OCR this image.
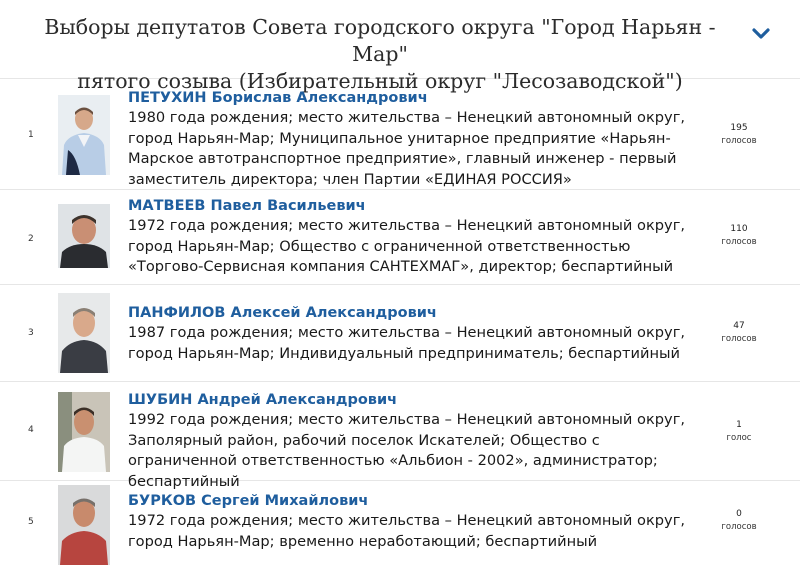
Выборы депутатов Совета городского округа "Город Нарьян - Мар"
пятого созыва (Избирательный округ "Лесозаводской")
1
ПЕТУХИН Борислав Александрович
1980 года рождения; место жительства – Ненецкий автономный округ, город Нарьян-Мар; Муниципальное унитарное предприятие «Нарьян-Марское автотранспортное предприятие», главный инженер - первый заместитель директора; член Партии «ЕДИНАЯ РОССИЯ»
195
голосов
2
МАТВЕЕВ Павел Васильевич
1972 года рождения; место жительства – Ненецкий автономный округ, город Нарьян-Мар; Общество с ограниченной ответственностью «Торгово-Сервисная компания САНТЕХМАГ», директор; беспартийный
110
голосов
3
ПАНФИЛОВ Алексей Александрович
1987 года рождения; место жительства – Ненецкий автономный округ, город Нарьян-Мар; Индивидуальный предприниматель; беспартийный
47
голосов
4
ШУБИН Андрей Александрович
1992 года рождения; место жительства – Ненецкий автономный округ, Заполярный район, рабочий поселок Искателей; Общество с ограниченной ответственностью «Альбион - 2002», администратор; беспартийный
1
голос
5
БУРКОВ Сергей Михайлович
1972 года рождения; место жительства – Ненецкий автономный округ, город Нарьян-Мар; временно неработающий; беспартийный
0
голосов
